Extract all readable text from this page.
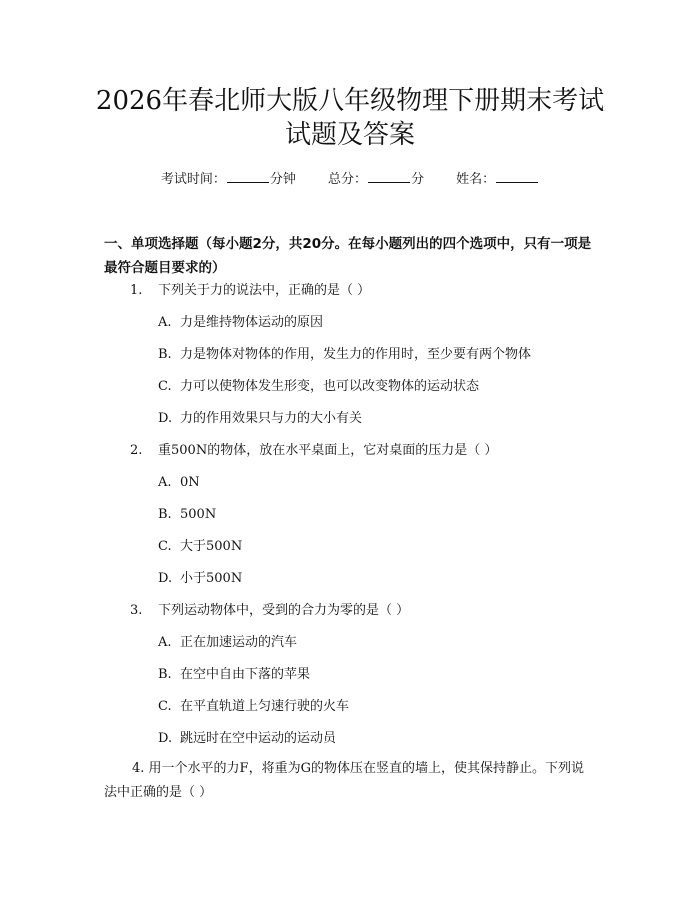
2026年春北师大版八年级物理下册期末考试
试题及答案
考试时间：	分钟 总分：	分 姓名：
一、单项选择题（每小题2分，共20分。在每小题列出的四个选项中，只有一项是最符合题目要求的）
1. 下列关于力的说法中，正确的是（ ）
A. 力是维持物体运动的原因
B. 力是物体对物体的作用，发生力的作用时，至少要有两个物体
C. 力可以使物体发生形变，也可以改变物体的运动状态
D. 力的作用效果只与力的大小有关
2. 重500N的物体，放在水平桌面上，它对桌面的压力是（ ）
A. 0N
B. 500N
C. 大于500N
D. 小于500N
3. 下列运动物体中，受到的合力为零的是（ ）
A. 正在加速运动的汽车
B. 在空中自由下落的苹果
C. 在平直轨道上匀速行驶的火车
D. 跳远时在空中运动的运动员
4. 用一个水平的力F，将重为G的物体压在竖直的墙上，使其保持静止。下列说法中正确的是（ ）
